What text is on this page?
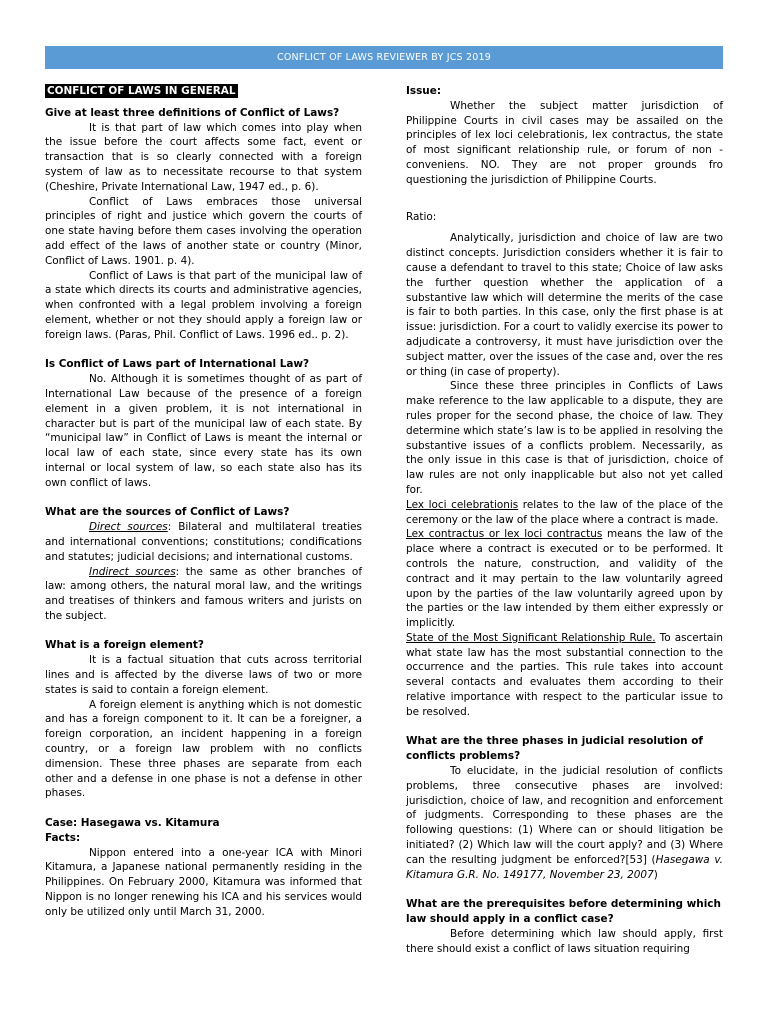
CONFLICT OF LAWS REVIEWER BY JCS 2019

CONFLICT OF LAWS IN GENERAL

Give at least three definitions of Conflict of Laws?

It is that part of law which comes into play when the issue before the court affects some fact, event or transaction that is so clearly connected with a foreign system of law as to necessitate recourse to that system (Cheshire, Private International Law, 1947 ed., p. 6).

Conflict of Laws embraces those universal principles of right and justice which govern the courts of one state having before them cases involving the operation add effect of the laws of another state or country (Minor, Conflict of Laws. 1901. p. 4).

Conflict of Laws is that part of the municipal law of a state which directs its courts and administrative agencies, when confronted with a legal problem involving a foreign element, whether or not they should apply a foreign law or foreign laws. (Paras, Phil. Conflict of Laws. 1996 ed.. p. 2).

Is Conflict of Laws part of International Law?

No. Although it is sometimes thought of as part of International Law because of the presence of a foreign element in a given problem, it is not international in character but is part of the municipal law of each state. By “municipal law” in Conflict of Laws is meant the internal or local law of each state, since every state has its own internal or local system of law, so each state also has its own conflict of laws.

What are the sources of Conflict of Laws?

Direct sources: Bilateral and multilateral treaties and international conventions; constitutions; condifications and statutes; judicial decisions; and international customs.

Indirect sources: the same as other branches of law: among others, the natural moral law, and the writings and treatises of thinkers and famous writers and jurists on the subject.

What is a foreign element?

It is a factual situation that cuts across territorial lines and is affected by the diverse laws of two or more states is said to contain a foreign element.

A foreign element is anything which is not domestic and has a foreign component to it. It can be a foreigner, a foreign corporation, an incident happening in a foreign country, or a foreign law problem with no conflicts dimension. These three phases are separate from each other and a defense in one phase is not a defense in other phases.

Case: Hasegawa vs. Kitamura

Facts:

Nippon entered into a one-year ICA with Minori Kitamura, a Japanese national permanently residing in the Philippines. On February 2000, Kitamura was informed that Nippon is no longer renewing his ICA and his services would only be utilized only until March 31, 2000.

Issue:

Whether the subject matter jurisdiction of Philippine Courts in civil cases may be assailed on the principles of lex loci celebrationis, lex contractus, the state of most significant relationship rule, or forum of non -conveniens. NO. They are not proper grounds fro questioning the jurisdiction of Philippine Courts.

Ratio:

Analytically, jurisdiction and choice of law are two distinct concepts. Jurisdiction considers whether it is fair to cause a defendant to travel to this state; Choice of law asks the further question whether the application of a substantive law which will determine the merits of the case is fair to both parties. In this case, only the first phase is at issue: jurisdiction. For a court to validly exercise its power to adjudicate a controversy, it must have jurisdiction over the subject matter, over the issues of the case and, over the res or thing (in case of property).

Since these three principles in Conflicts of Laws make reference to the law applicable to a dispute, they are rules proper for the second phase, the choice of law. They determine which state’s law is to be applied in resolving the substantive issues of a conflicts problem. Necessarily, as the only issue in this case is that of jurisdiction, choice of law rules are not only inapplicable but also not yet called for.

Lex loci celebrationis relates to the law of the place of the ceremony or the law of the place where a contract is made.

Lex contractus or lex loci contractus means the law of the place where a contract is executed or to be performed. It controls the nature, construction, and validity of the contract and it may pertain to the law voluntarily agreed upon by the parties of the law voluntarily agreed upon by the parties or the law intended by them either expressly or implicitly.

State of the Most Significant Relationship Rule. To ascertain what state law has the most substantial connection to the occurrence and the parties. This rule takes into account several contacts and evaluates them according to their relative importance with respect to the particular issue to be resolved.

What are the three phases in judicial resolution of conflicts problems?

To elucidate, in the judicial resolution of conflicts problems, three consecutive phases are involved: jurisdiction, choice of law, and recognition and enforcement of judgments. Corresponding to these phases are the following questions: (1) Where can or should litigation be initiated? (2) Which law will the court apply? and (3) Where can the resulting judgment be enforced?[53] (Hasegawa v. Kitamura G.R. No. 149177, November 23, 2007)

What are the prerequisites before determining which law should apply in a conflict case?

Before determining which law should apply, first there should exist a conflict of laws situation requiring
